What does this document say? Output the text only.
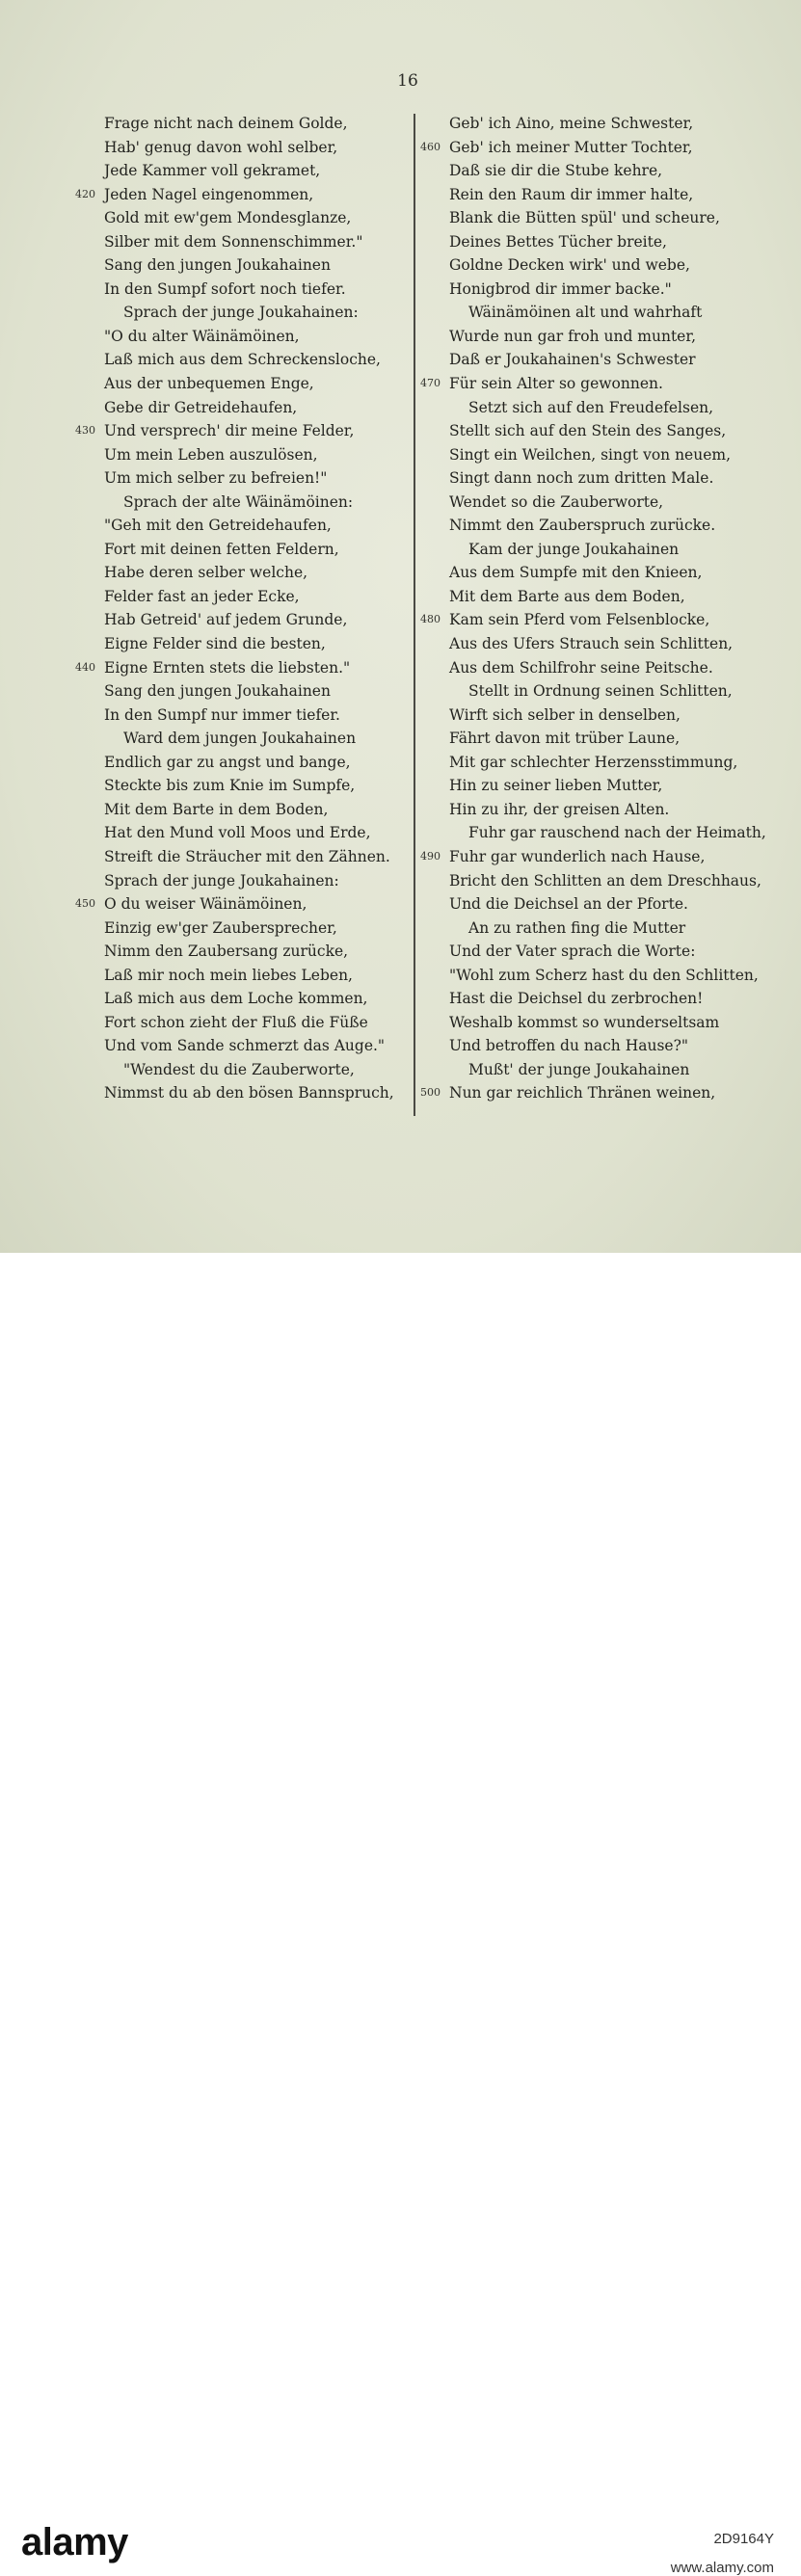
16
Frage nicht nach deinem Golde,
Hab' genug davon wohl selber,
Jede Kammer voll gekramet,
420 Jeden Nagel eingenommen,
Gold mit ew'gem Mondesglanze,
Silber mit dem Sonnenschimmer."
Sang den jungen Joukahainen
In den Sumpf sofort noch tiefer.
Sprach der junge Joukahainen:
"O du alter Wäinämöinen,
Laß mich aus dem Schreckensloche,
Aus der unbequemen Enge,
Gebe dir Getreidehaufen,
430 Und versprech' dir meine Felder,
Um mein Leben auszulösen,
Um mich selber zu befreien!"
Sprach der alte Wäinämöinen:
"Geh mit den Getreidehaufen,
Fort mit deinen fetten Feldern,
Habe deren selber welche,
Felder fast an jeder Ecke,
Hab Getreid' auf jedem Grunde,
Eigne Felder sind die besten,
440 Eigne Ernten stets die liebsten."
Sang den jungen Joukahainen
In den Sumpf nur immer tiefer.
Ward dem jungen Joukahainen
Endlich gar zu angst und bange,
Steckte bis zum Knie im Sumpfe,
Mit dem Barte in dem Boden,
Hat den Mund voll Moos und Erde,
Streift die Sträucher mit den Zähnen.
Sprach der junge Joukahainen:
450 O du weiser Wäinämöinen,
Einzig ew'ger Zaubersprecher,
Nimm den Zaubersang zurücke,
Laß mir noch mein liebes Leben,
Laß mich aus dem Loche kommen,
Fort schon zieht der Fluß die Füße
Und vom Sande schmerzt das Auge."
"Wendest du die Zauberworte,
Nimmst du ab den bösen Bannspruch,
Geb' ich Aino, meine Schwester,
460 Geb' ich meiner Mutter Tochter,
Daß sie dir die Stube kehre,
Rein den Raum dir immer halte,
Blank die Bütten spül' und scheure,
Deines Bettes Tücher breite,
Goldne Decken wirk' und webe,
Honigbrod dir immer backe."
Wäinämöinen alt und wahrhaft
Wurde nun gar froh und munter,
Daß er Joukahainen's Schwester
470 Für sein Alter so gewonnen.
Setzt sich auf den Freudefelsen,
Stellt sich auf den Stein des Sanges,
Singt ein Weilchen, singt von neuem,
Singt dann noch zum dritten Male.
Wendet so die Zauberworte,
Nimmt den Zauberspruch zurücke.
Kam der junge Joukahainen
Aus dem Sumpfe mit den Knieen,
Mit dem Barte aus dem Boden,
480 Kam sein Pferd vom Felsenblocke,
Aus des Ufers Strauch sein Schlitten,
Aus dem Schilfrohr seine Peitsche.
Stellt in Ordnung seinen Schlitten,
Wirft sich selber in denselben,
Fährt davon mit trüber Laune,
Mit gar schlechter Herzensstimmung,
Hin zu seiner lieben Mutter,
Hin zu ihr, der greisen Alten.
Fuhr gar rauschend nach der Heimath,
490 Fuhr gar wunderlich nach Hause,
Bricht den Schlitten an dem Dreschhaus,
Und die Deichsel an der Pforte.
An zu rathen fing die Mutter
Und der Vater sprach die Worte:
"Wohl zum Scherz hast du den Schlitten,
Hast die Deichsel du zerbrochen!
Weshalb kommst so wunderseltsam
Und betroffen du nach Hause?"
Mußt' der junge Joukahainen
500 Nun gar reichlich Thränen weinen,
alamy	2D9164Y
www.alamy.com
